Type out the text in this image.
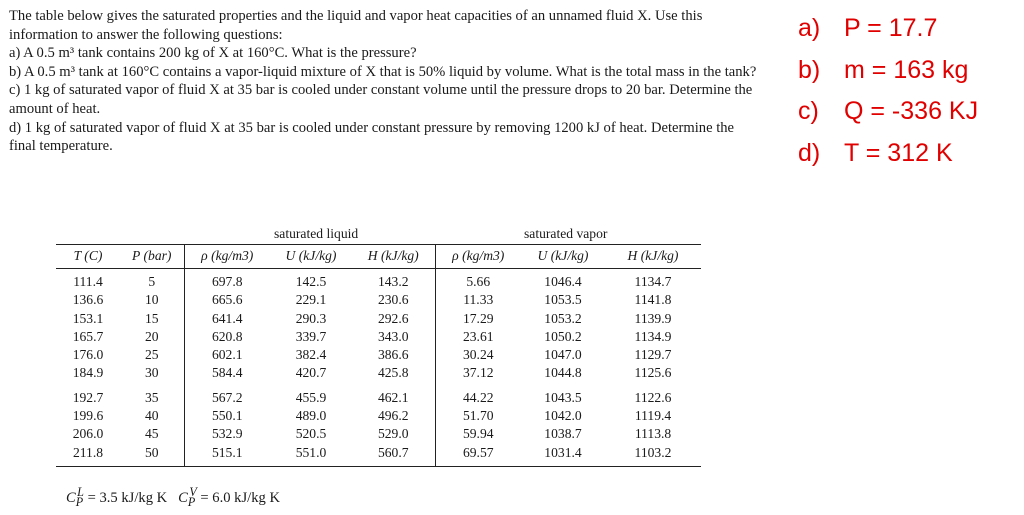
The table below gives the saturated properties and the liquid and vapor heat capacities of an unnamed fluid X. Use this information to answer the following questions:

a) A 0.5 m³ tank contains 200 kg of X at 160°C. What is the pressure?

b) A 0.5 m³ tank at 160°C contains a vapor-liquid mixture of X that is 50% liquid by volume. What is the total mass in the tank?

c) 1 kg of saturated vapor of fluid X at 35 bar is cooled under constant volume until the pressure drops to 20 bar. Determine the amount of heat.

d) 1 kg of saturated vapor of fluid X at 35 bar is cooled under constant pressure by removing 1200 kJ of heat. Determine the final temperature.

a) P = 17.7
b) m = 163 kg
c)	Q = -336 KJ
d) T = 312 K
saturated liquid	saturated vapor
T (C)	P (bar)	ρ (kg/m3)	U (kJ/kg)	H (kJ/kg)	ρ (kg/m3)	U (kJ/kg)	H (kJ/kg)
111.4	5	697.8	142.5	143.2	5.66	1046.4	1134.7
136.6	10	665.6	229.1	230.6	11.33	1053.5	1141.8
153.1	15	641.4	290.3	292.6	17.29	1053.2	1139.9
165.7	20	620.8	339.7	343.0	23.61	1050.2	1134.9
176.0	25	602.1	382.4	386.6	30.24	1047.0	1129.7
184.9	30	584.4	420.7	425.8	37.12	1044.8	1125.6
192.7	35	567.2	455.9	462.1	44.22	1043.5	1122.6
199.6	40	550.1	489.0	496.2	51.70	1042.0	1119.4
206.0	45	532.9	520.5	529.0	59.94	1038.7	1113.8
211.8	50	515.1	551.0	560.7	69.57	1031.4	1103.2
$C_P^L = 3.5$ kJ/kg K $C_P^V = 6.0$ kJ/kg K
